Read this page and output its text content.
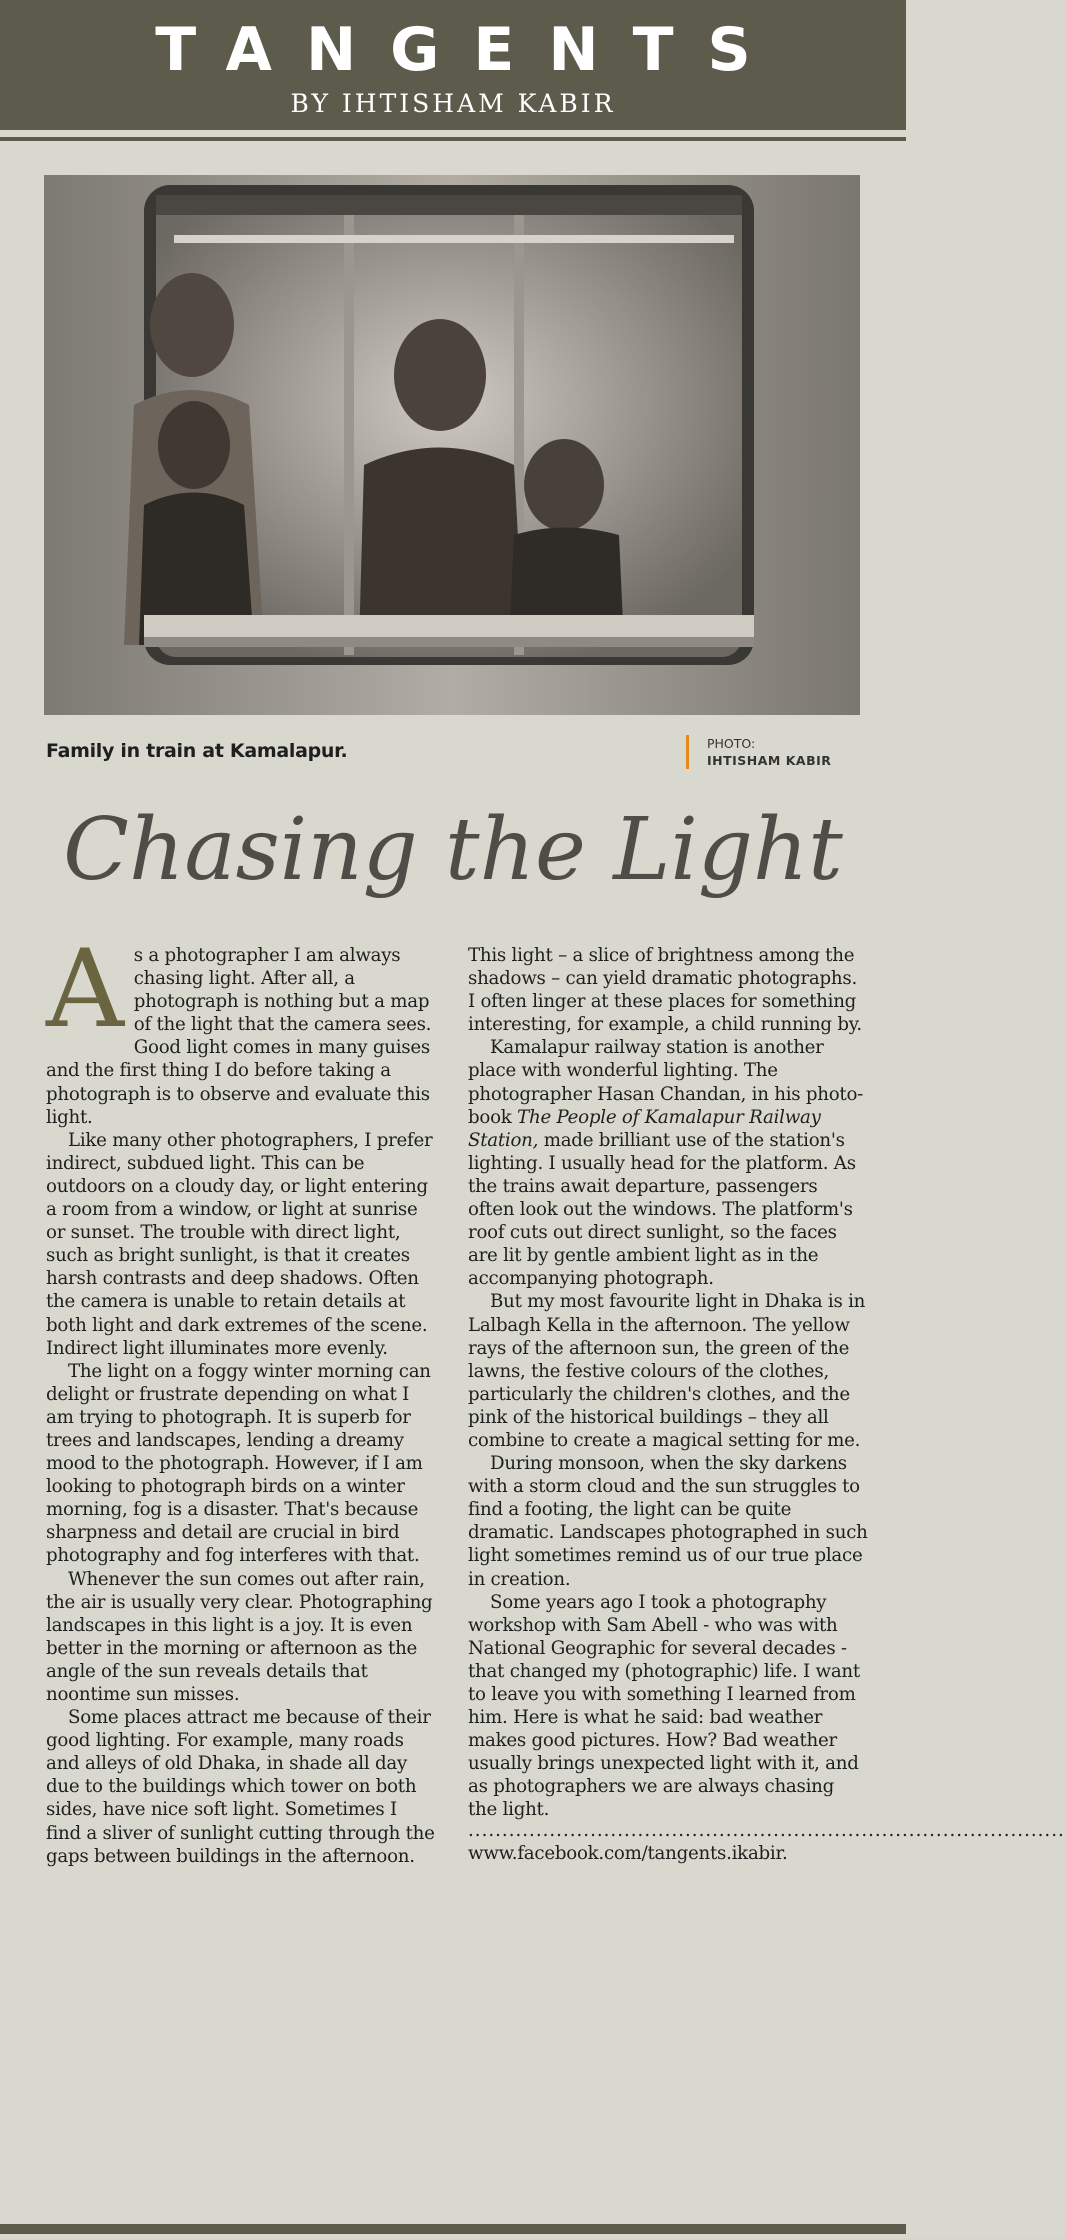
TANGENTS
BY IHTISHAM KABIR
Family in train at Kamalapur.	PHOTO:
IHTISHAM KABIR
Chasing the Light

As a photographer I am always chasing light. After all, a photograph is nothing but a map of the light that the camera sees. Good light comes in many guises and the first thing I do before taking a photograph is to observe and evaluate this light.

Like many other photographers, I prefer indirect, subdued light. This can be outdoors on a cloudy day, or light entering a room from a window, or light at sunrise or sunset. The trouble with direct light, such as bright sunlight, is that it creates harsh contrasts and deep shadows. Often the camera is unable to retain details at both light and dark extremes of the scene. Indirect light illuminates more evenly.

The light on a foggy winter morning can delight or frustrate depending on what I am trying to photograph. It is superb for trees and landscapes, lending a dreamy mood to the photograph. However, if I am looking to photograph birds on a winter morning, fog is a disaster. That's because sharpness and detail are crucial in bird photography and fog interferes with that.

Whenever the sun comes out after rain, the air is usually very clear. Photographing landscapes in this light is a joy. It is even better in the morning or afternoon as the angle of the sun reveals details that noontime sun misses.

Some places attract me because of their good lighting. For example, many roads and alleys of old Dhaka, in shade all day due to the buildings which tower on both sides, have nice soft light. Sometimes I find a sliver of sunlight cutting through the gaps between buildings in the afternoon.

This light – a slice of brightness among the shadows – can yield dramatic photographs. I often linger at these places for something interesting, for example, a child running by.

Kamalapur railway station is another place with wonderful lighting. The photographer Hasan Chandan, in his photo-book The People of Kamalapur Railway Station, made brilliant use of the station's lighting. I usually head for the platform. As the trains await departure, passengers often look out the windows. The platform's roof cuts out direct sunlight, so the faces are lit by gentle ambient light as in the accompanying photograph.

But my most favourite light in Dhaka is in Lalbagh Kella in the afternoon. The yellow rays of the afternoon sun, the green of the lawns, the festive colours of the clothes, particularly the children's clothes, and the pink of the historical buildings – they all combine to create a magical setting for me.

During monsoon, when the sky darkens with a storm cloud and the sun struggles to find a footing, the light can be quite dramatic. Landscapes photographed in such light sometimes remind us of our true place in creation.

Some years ago I took a photography workshop with Sam Abell - who was with National Geographic for several decades - that changed my (photographic) life. I want to leave you with something I learned from him. Here is what he said: bad weather makes good pictures. How? Bad weather usually brings unexpected light with it, and as photographers we are always chasing the light.

........................................................................................

www.facebook.com/tangents.ikabir.
